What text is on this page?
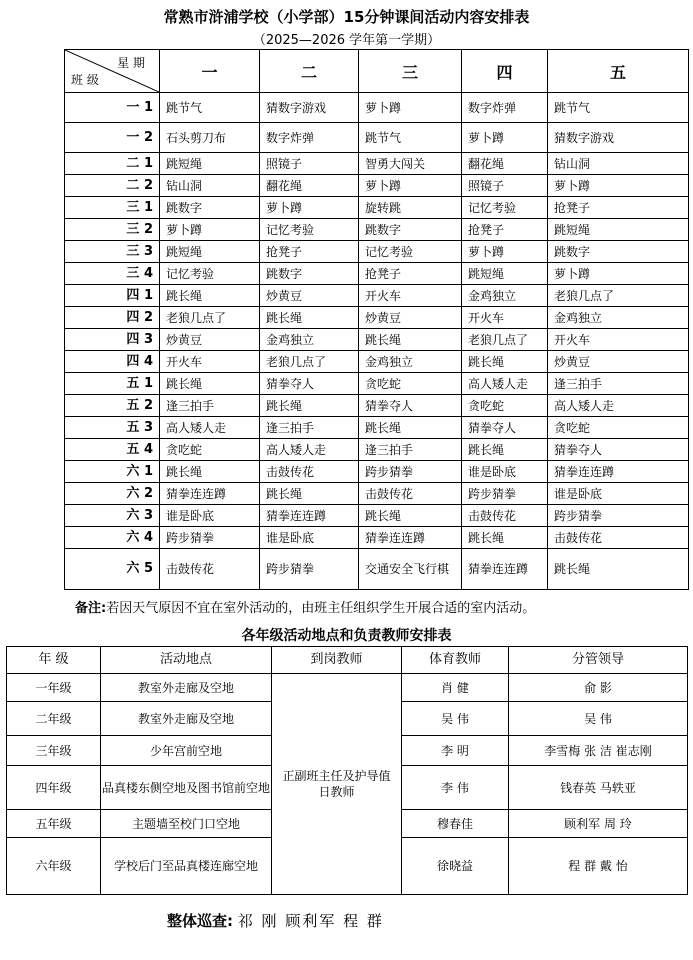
常熟市浒浦学校（小学部）15分钟课间活动内容安排表
（2025—2026 学年第一学期）
星 期
班 级	一	二	三	四	五
一 1	跳节气	猜数字游戏	萝卜蹲	数字炸弹	跳节气
一 2	石头剪刀布	数字炸弹	跳节气	萝卜蹲	猜数字游戏
二 1	跳短绳	照镜子	智勇大闯关	翻花绳	钻山洞
二 2	钻山洞	翻花绳	萝卜蹲	照镜子	萝卜蹲
三 1	跳数字	萝卜蹲	旋转跳	记忆考验	抢凳子
三 2	萝卜蹲	记忆考验	跳数字	抢凳子	跳短绳
三 3	跳短绳	抢凳子	记忆考验	萝卜蹲	跳数字
三 4	记忆考验	跳数字	抢凳子	跳短绳	萝卜蹲
四 1	跳长绳	炒黄豆	开火车	金鸡独立	老狼几点了
四 2	老狼几点了	跳长绳	炒黄豆	开火车	金鸡独立
四 3	炒黄豆	金鸡独立	跳长绳	老狼几点了	开火车
四 4	开火车	老狼几点了	金鸡独立	跳长绳	炒黄豆
五 1	跳长绳	猜拳夺人	贪吃蛇	高人矮人走	逢三拍手
五 2	逢三拍手	跳长绳	猜拳夺人	贪吃蛇	高人矮人走
五 3	高人矮人走	逢三拍手	跳长绳	猜拳夺人	贪吃蛇
五 4	贪吃蛇	高人矮人走	逢三拍手	跳长绳	猜拳夺人
六 1	跳长绳	击鼓传花	跨步猜拳	谁是卧底	猜拳连连蹲
六 2	猜拳连连蹲	跳长绳	击鼓传花	跨步猜拳	谁是卧底
六 3	谁是卧底	猜拳连连蹲	跳长绳	击鼓传花	跨步猜拳
六 4	跨步猜拳	谁是卧底	猜拳连连蹲	跳长绳	击鼓传花
六 5	击鼓传花	跨步猜拳	交通安全飞行棋	猜拳连连蹲	跳长绳
备注:若因天气原因不宜在室外活动的，由班主任组织学生开展合适的室内活动。
各年级活动地点和负责教师安排表
年 级	活动地点	到岗教师	体育教师	分管领导
一年级	教室外走廊及空地	正副班主任及护导值日教师	肖 健	俞 影
二年级	教室外走廊及空地		吴 伟	吴 伟
三年级	少年宫前空地		李 明	李雪梅 张 洁 崔志刚
四年级	品真楼东侧空地及图书馆前空地		李 伟	钱春英 马轶亚
五年级	主题墙至校门口空地		穆春佳	顾利军 周 玲
六年级	学校后门至品真楼连廊空地		徐晓益	程 群 戴 怡
整体巡查: 祁 刚 顾利军 程 群
